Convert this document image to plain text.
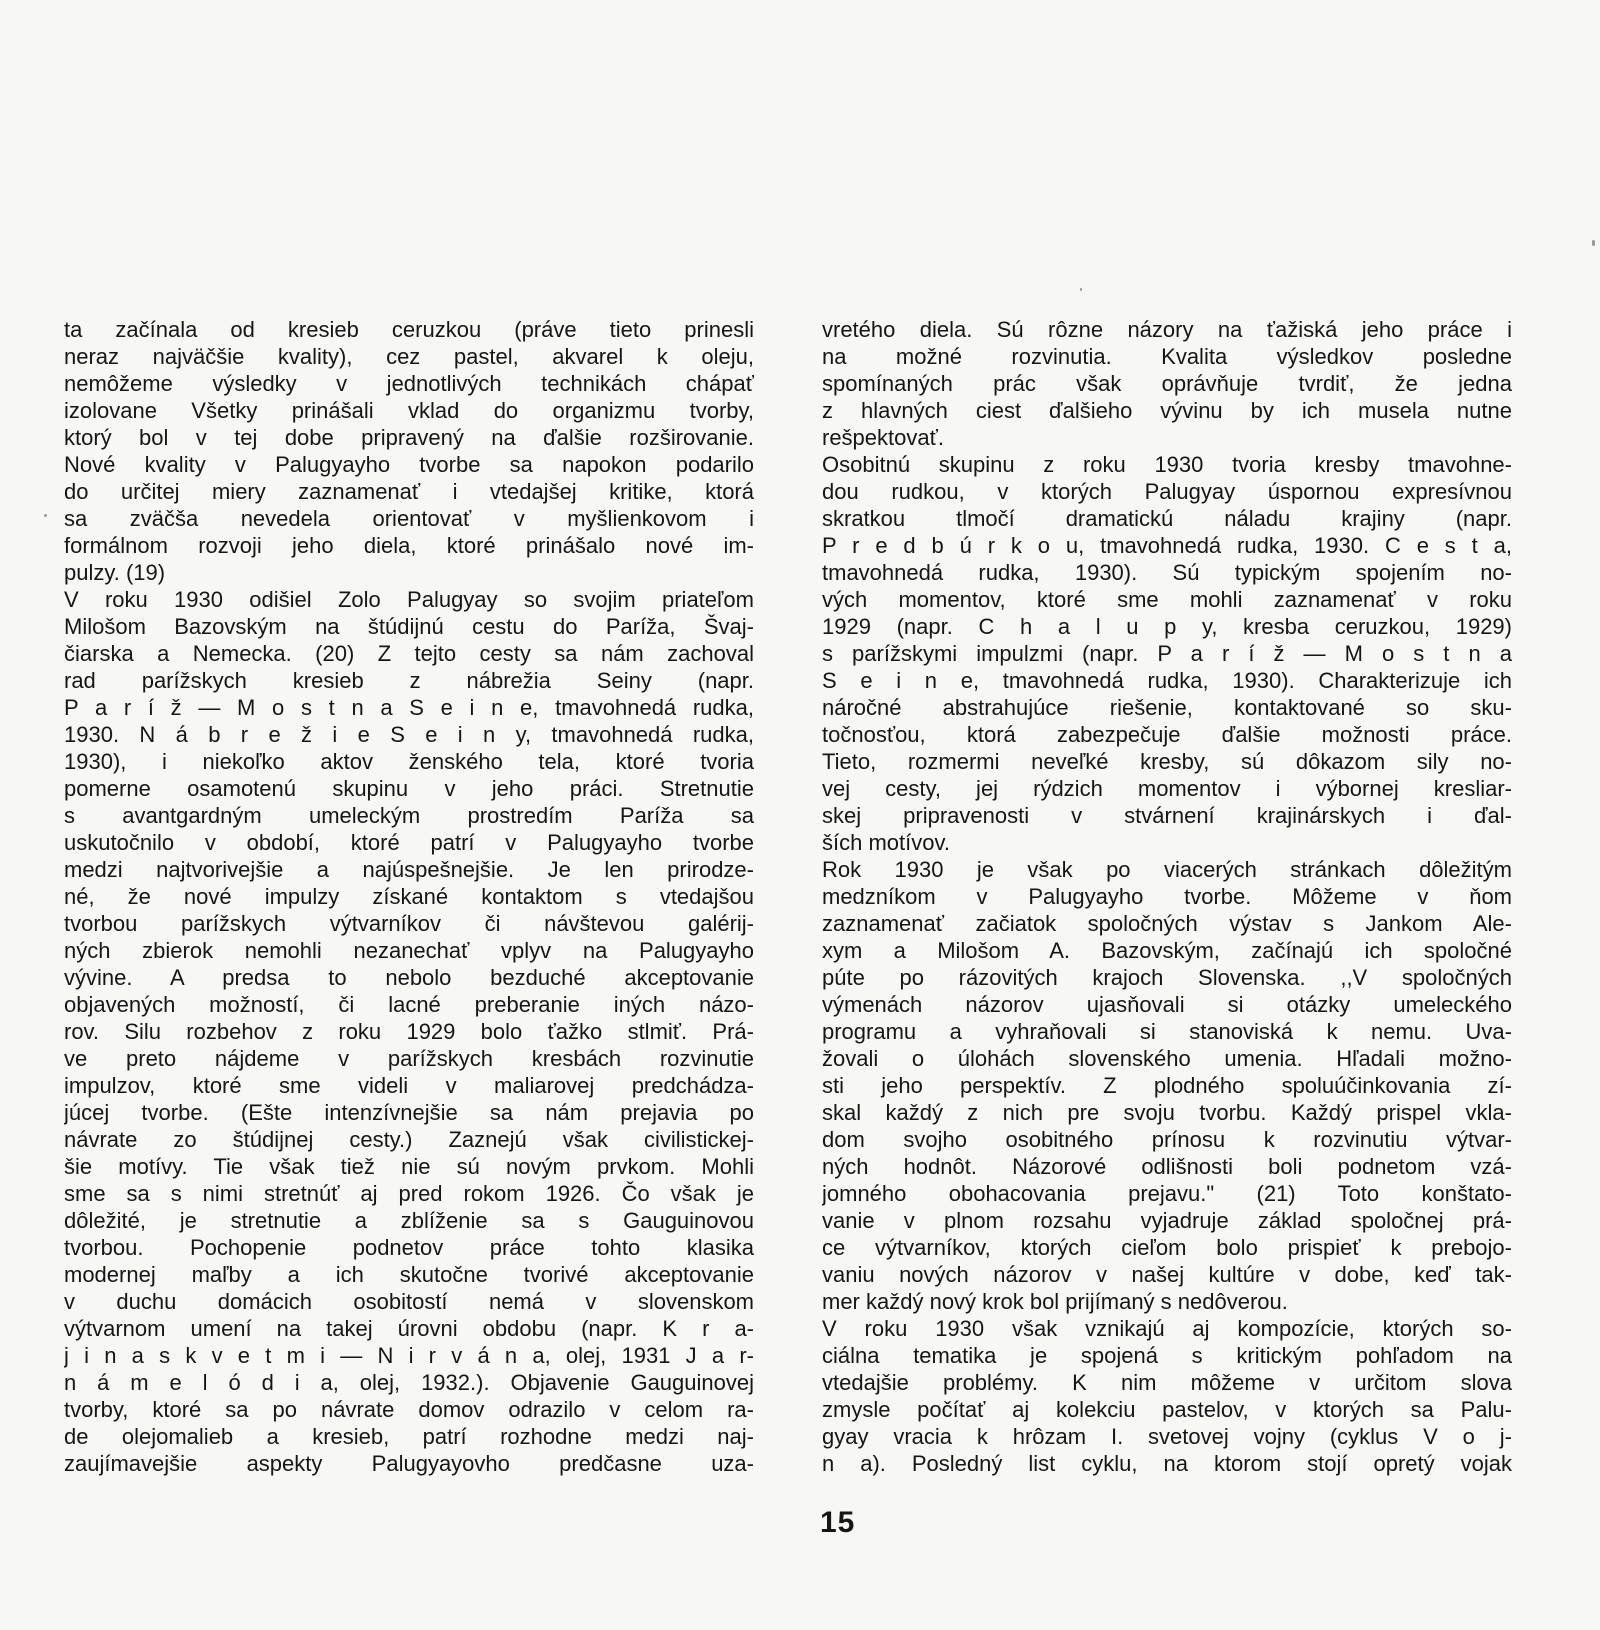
ta začínala od kresieb ceruzkou (práve tieto prinesli
neraz najväčšie kvality), cez pastel, akvarel k oleju,
nemôžeme výsledky v jednotlivých technikách chápať
izolovane Všetky prinášali vklad do organizmu tvorby,
ktorý bol v tej dobe pripravený na ďalšie rozširovanie.
Nové kvality v Palugyayho tvorbe sa napokon podarilo
do určitej miery zaznamenať i vtedajšej kritike, ktorá
sa zväčša nevedela orientovať v myšlienkovom i
formálnom rozvoji jeho diela, ktoré prinášalo nové im-
pulzy. (19)
V roku 1930 odišiel Zolo Palugyay so svojim priateľom
Milošom Bazovským na štúdijnú cestu do Paríža, Švaj-
čiarska a Nemecka. (20) Z tejto cesty sa nám zachoval
rad parížskych kresieb z nábrežia Seiny (napr.
P a r í ž — M o s t n a S e i n e, tmavohnedá rudka,
1930. N á b r e ž i e S e i n y, tmavohnedá rudka,
1930), i niekoľko aktov ženského tela, ktoré tvoria
pomerne osamotenú skupinu v jeho práci. Stretnutie
s avantgardným umeleckým prostredím Paríža sa
uskutočnilo v období, ktoré patrí v Palugyayho tvorbe
medzi najtvorivejšie a najúspešnejšie. Je len prirodze-
né, že nové impulzy získané kontaktom s vtedajšou
tvorbou parížskych výtvarníkov či návštevou galérij-
ných zbierok nemohli nezanechať vplyv na Palugyayho
vývine. A predsa to nebolo bezduché akceptovanie
objavených možností, či lacné preberanie iných názo-
rov. Silu rozbehov z roku 1929 bolo ťažko stlmiť. Prá-
ve preto nájdeme v parížskych kresbách rozvinutie
impulzov, ktoré sme videli v maliarovej predchádza-
júcej tvorbe. (Ešte intenzívnejšie sa nám prejavia po
návrate zo štúdijnej cesty.) Zaznejú však civilistickej-
šie motívy. Tie však tiež nie sú novým prvkom. Mohli
sme sa s nimi stretnúť aj pred rokom 1926. Čo však je
dôležité, je stretnutie a zblíženie sa s Gauguinovou
tvorbou. Pochopenie podnetov práce tohto klasika
modernej maľby a ich skutočne tvorivé akceptovanie
v duchu domácich osobitostí nemá v slovenskom
výtvarnom umení na takej úrovni obdobu (napr. K r a-
j i n a s k v e t m i — N i r v á n a, olej, 1931 J a r-
n á m e l ó d i a, olej, 1932.). Objavenie Gauguinovej
tvorby, ktoré sa po návrate domov odrazilo v celom ra-
de olejomalieb a kresieb, patrí rozhodne medzi naj-
zaujímavejšie aspekty Palugyayovho predčasne uza-
vretého diela. Sú rôzne názory na ťažiská jeho práce i
na možné rozvinutia. Kvalita výsledkov posledne
spomínaných prác však oprávňuje tvrdiť, že jedna
z hlavných ciest ďalšieho vývinu by ich musela nutne
rešpektovať.
Osobitnú skupinu z roku 1930 tvoria kresby tmavohne-
dou rudkou, v ktorých Palugyay úspornou expresívnou
skratkou tlmočí dramatickú náladu krajiny (napr.
P r e d b ú r k o u, tmavohnedá rudka, 1930. C e s t a,
tmavohnedá rudka, 1930). Sú typickým spojením no-
vých momentov, ktoré sme mohli zaznamenať v roku
1929 (napr. C h a l u p y, kresba ceruzkou, 1929)
s parížskymi impulzmi (napr. P a r í ž — M o s t n a
S e i n e, tmavohnedá rudka, 1930). Charakterizuje ich
náročné abstrahujúce riešenie, kontaktované so sku-
točnosťou, ktorá zabezpečuje ďalšie možnosti práce.
Tieto, rozmermi neveľké kresby, sú dôkazom sily no-
vej cesty, jej rýdzich momentov i výbornej kresliar-
skej pripravenosti v stvárnení krajinárskych i ďal-
ších motívov.
Rok 1930 je však po viacerých stránkach dôležitým
medzníkom v Palugyayho tvorbe. Môžeme v ňom
zaznamenať začiatok spoločných výstav s Jankom Ale-
xym a Milošom A. Bazovským, začínajú ich spoločné
púte po rázovitých krajoch Slovenska. ,,V spoločných
výmenách názorov ujasňovali si otázky umeleckého
programu a vyhraňovali si stanoviská k nemu. Uva-
žovali o úlohách slovenského umenia. Hľadali možno-
sti jeho perspektív. Z plodného spoluúčinkovania zí-
skal každý z nich pre svoju tvorbu. Každý prispel vkla-
dom svojho osobitného prínosu k rozvinutiu výtvar-
ných hodnôt. Názorové odlišnosti boli podnetom vzá-
jomného obohacovania prejavu." (21) Toto konštato-
vanie v plnom rozsahu vyjadruje základ spoločnej prá-
ce výtvarníkov, ktorých cieľom bolo prispieť k prebojo-
vaniu nových názorov v našej kultúre v dobe, keď tak-
mer každý nový krok bol prijímaný s nedôverou.
V roku 1930 však vznikajú aj kompozície, ktorých so-
ciálna tematika je spojená s kritickým pohľadom na
vtedajšie problémy. K nim môžeme v určitom slova
zmysle počítať aj kolekciu pastelov, v ktorých sa Palu-
gyay vracia k hrôzam I. svetovej vojny (cyklus V o j-
n a). Posledný list cyklu, na ktorom stojí opretý vojak
15
